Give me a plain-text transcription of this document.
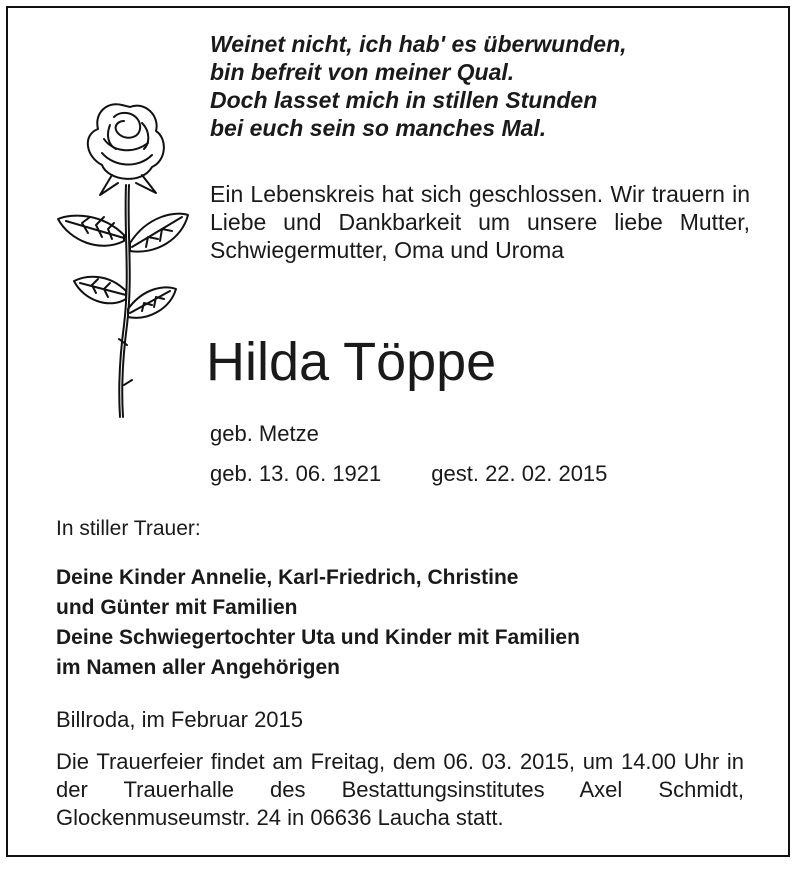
Weinet nicht, ich hab' es überwunden,
bin befreit von meiner Qual.
Doch lasset mich in stillen Stunden
bei euch sein so manches Mal.
Ein Lebenskreis hat sich geschlossen. Wir trauern in Liebe und Dankbarkeit um unsere liebe Mutter, Schwiegermutter, Oma und Uroma
Hilda Töppe
geb. Metze
geb. 13. 06. 1921 gest. 22. 02. 2015
In stiller Trauer:
Deine Kinder Annelie, Karl-Friedrich, Christine
und Günter mit Familien
Deine Schwiegertochter Uta und Kinder mit Familien
im Namen aller Angehörigen
Billroda, im Februar 2015
Die Trauerfeier findet am Freitag, dem 06. 03. 2015, um 14.00 Uhr in der Trauerhalle des Bestattungsinstitutes Axel Schmidt, Glockenmuseumstr. 24 in 06636 Laucha statt.
